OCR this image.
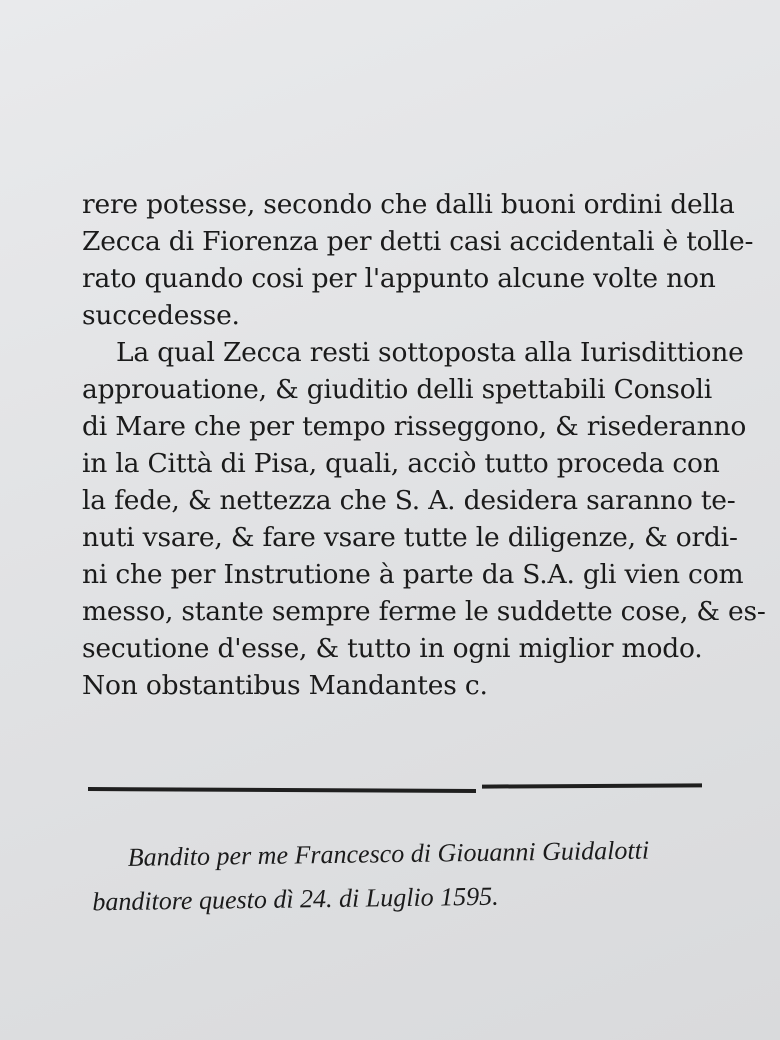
rere potesse, secondo che dalli buoni ordini della
Zecca di Fiorenza per detti casi accidentali è tolle-
rato quando cosi per l'appunto alcune volte non
succedesse.
La qual Zecca resti sottoposta alla Iurisdittione
approuatione, & giuditio delli spettabili Consoli
di Mare che per tempo risseggono, & risederanno
in la Città di Pisa, quali, acciò tutto proceda con
la fede, & nettezza che S. A. desidera saranno te-
nuti vsare, & fare vsare tutte le diligenze, & ordi-
ni che per Instrutione à parte da S.A. gli vien com
messo, stante sempre ferme le suddette cose, & es-
secutione d'esse, & tutto in ogni miglior modo.
Non obstantibus Mandantes c.
Bandito per me Francesco di Giouanni Guidalotti
banditore questo dì 24. di Luglio 1595.
